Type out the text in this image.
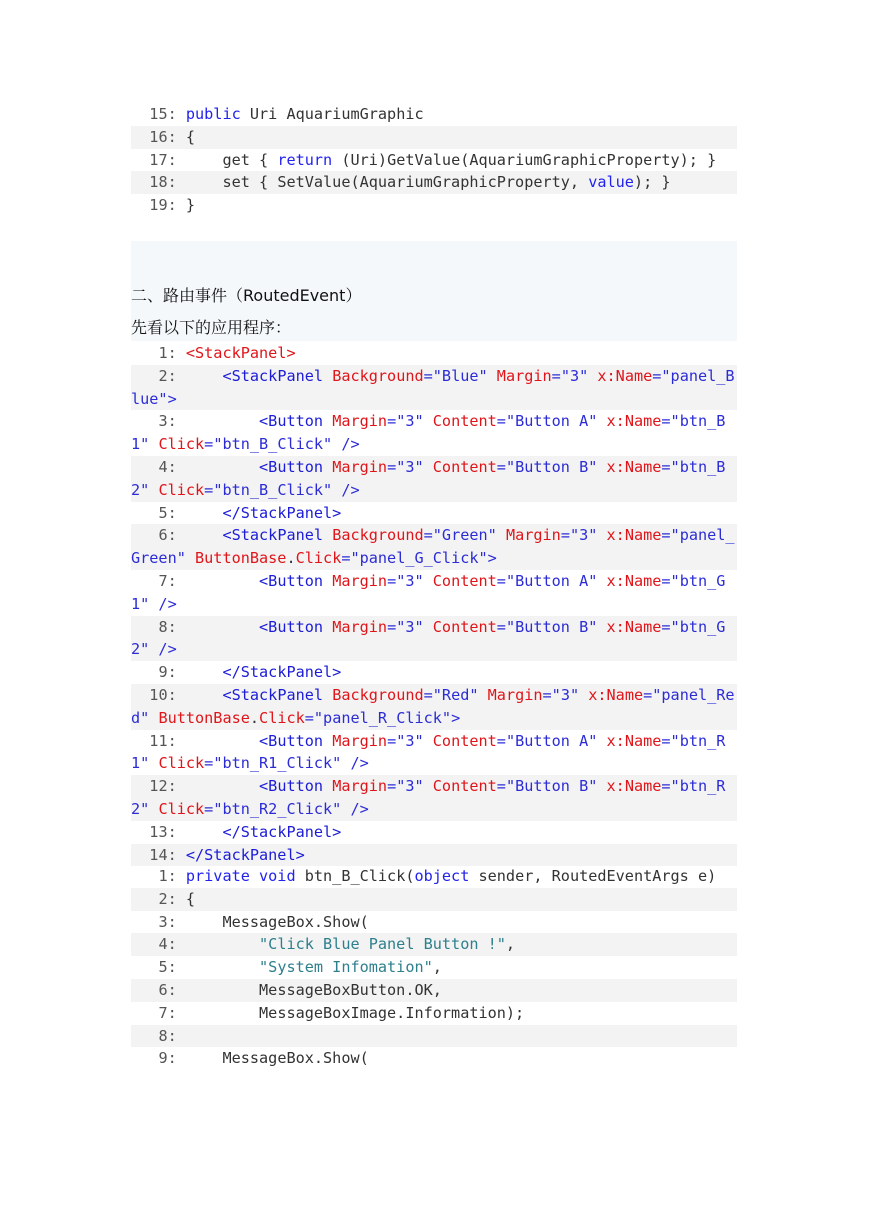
15: public Uri AquariumGraphic
16: {
17:     get { return (Uri)GetValue(AquariumGraphicProperty); }
18:     set { SetValue(AquariumGraphicProperty, value); }
19: }
二、路由事件（RoutedEvent）
先看以下的应用程序：
1: <StackPanel>
2:     <StackPanel Background="Blue" Margin="3" x:Name="panel_Blue">
3:         <Button Margin="3" Content="Button A" x:Name="btn_B1" Click="btn_B_Click" />
4:         <Button Margin="3" Content="Button B" x:Name="btn_B2" Click="btn_B_Click" />
5:     </StackPanel>
6:     <StackPanel Background="Green" Margin="3" x:Name="panel_Green" ButtonBase.Click="panel_G_Click">
7:         <Button Margin="3" Content="Button A" x:Name="btn_G1" />
8:         <Button Margin="3" Content="Button B" x:Name="btn_G2" />
9:     </StackPanel>
10:     <StackPanel Background="Red" Margin="3" x:Name="panel_Red" ButtonBase.Click="panel_R_Click">
11:         <Button Margin="3" Content="Button A" x:Name="btn_R1" Click="btn_R1_Click" />
12:         <Button Margin="3" Content="Button B" x:Name="btn_R2" Click="btn_R2_Click" />
13:     </StackPanel>
14: </StackPanel>
1: private void btn_B_Click(object sender, RoutedEventArgs e)
2: {
3:     MessageBox.Show(
4:         "Click Blue Panel Button !",
5:         "System Infomation",
6:         MessageBoxButton.OK,
7:         MessageBoxImage.Information);
8:
9:     MessageBox.Show(
